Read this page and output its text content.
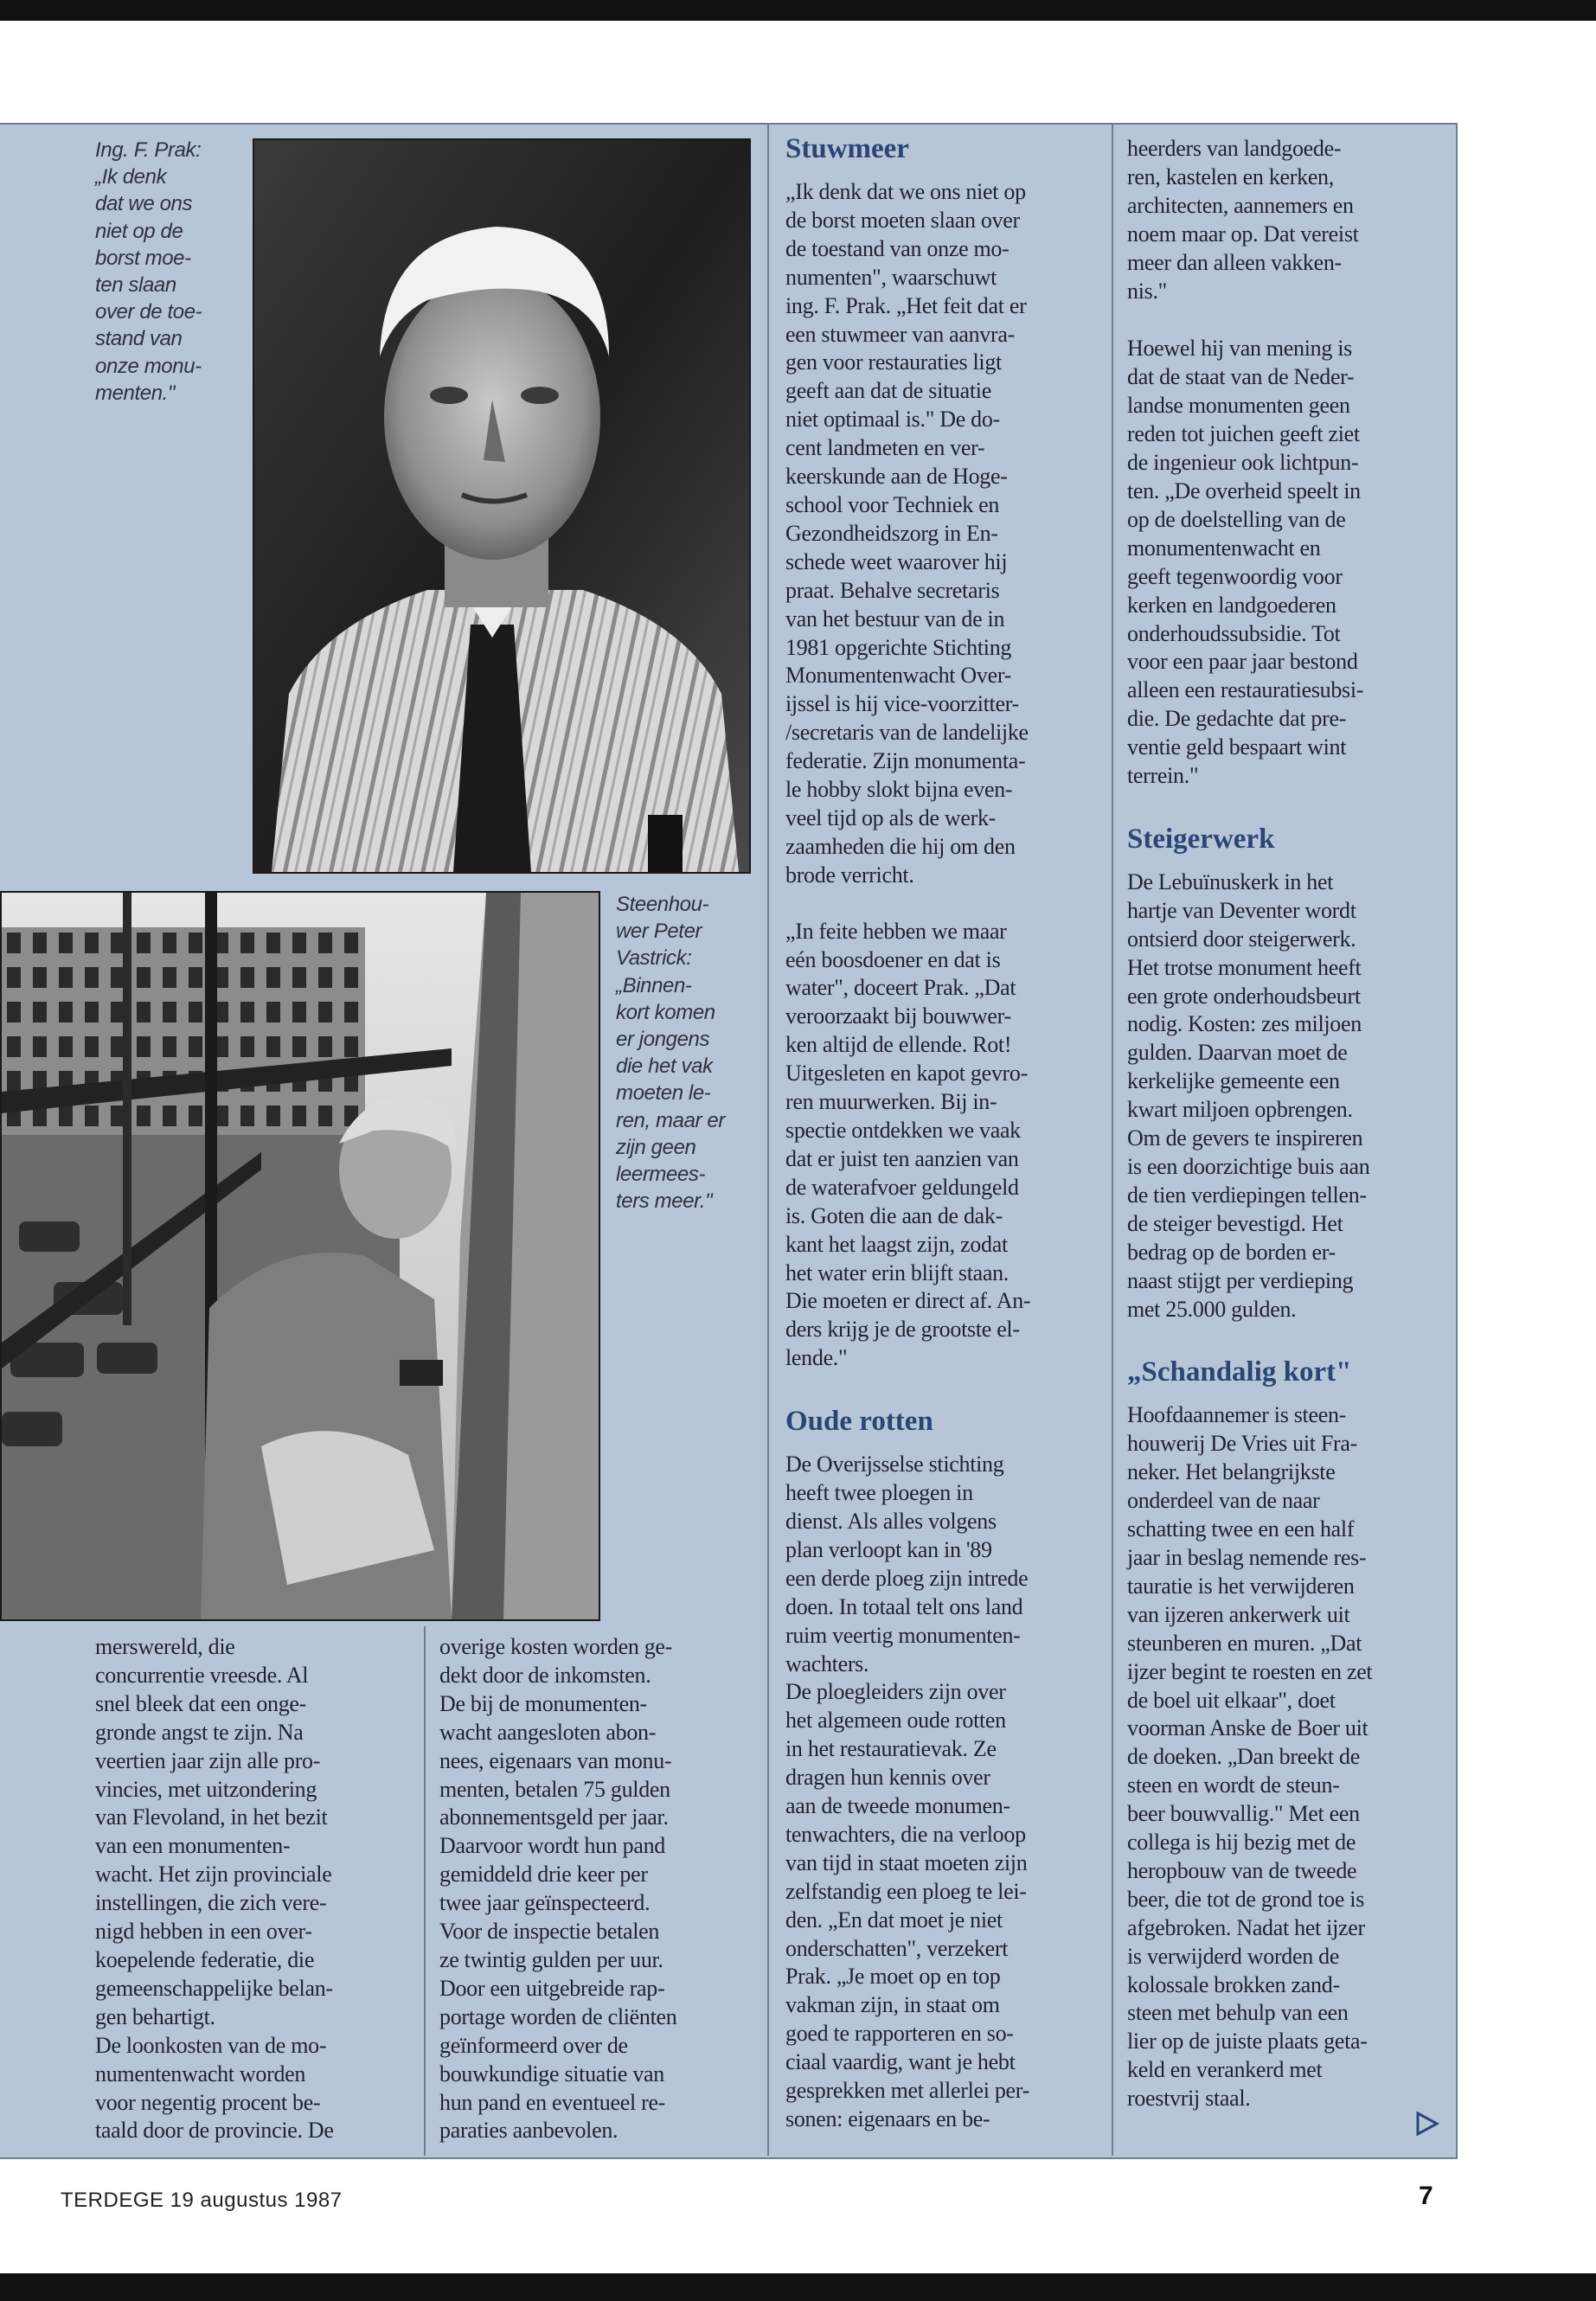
Ing. F. Prak:

„Ik denk

dat we ons

niet op de

borst moe-

ten slaan

over de toe-

stand van

onze monu-

menten."

Steenhou-

wer Peter

Vastrick:

„Binnen-

kort komen

er jongens

die het vak

moeten le-

ren, maar er

zijn geen

leermees-

ters meer."

merswereld, die

concurrentie vreesde. Al

snel bleek dat een onge-

gronde angst te zijn. Na

veertien jaar zijn alle pro-

vincies, met uitzondering

van Flevoland, in het bezit

van een monumenten-

wacht. Het zijn provinciale

instellingen, die zich vere-

nigd hebben in een over-

koepelende federatie, die

gemeenschappelijke belan-

gen behartigt.

De loonkosten van de mo-

numentenwacht worden

voor negentig procent be-

taald door de provincie. De

overige kosten worden ge-

dekt door de inkomsten.

De bij de monumenten-

wacht aangesloten abon-

nees, eigenaars van monu-

menten, betalen 75 gulden

abonnementsgeld per jaar.

Daarvoor wordt hun pand

gemiddeld drie keer per

twee jaar geïnspecteerd.

Voor de inspectie betalen

ze twintig gulden per uur.

Door een uitgebreide rap-

portage worden de cliënten

geïnformeerd over de

bouwkundige situatie van

hun pand en eventueel re-

paraties aanbevolen.

Stuwmeer

„Ik denk dat we ons niet op

de borst moeten slaan over

de toestand van onze mo-

numenten", waarschuwt

ing. F. Prak. „Het feit dat er

een stuwmeer van aanvra-

gen voor restauraties ligt

geeft aan dat de situatie

niet optimaal is." De do-

cent landmeten en ver-

keerskunde aan de Hoge-

school voor Techniek en

Gezondheidszorg in En-

schede weet waarover hij

praat. Behalve secretaris

van het bestuur van de in

1981 opgerichte Stichting

Monumentenwacht Over-

ijssel is hij vice-voorzitter-

/secretaris van de landelijke

federatie. Zijn monumenta-

le hobby slokt bijna even-

veel tijd op als de werk-

zaamheden die hij om den

brode verricht.

„In feite hebben we maar

eén boosdoener en dat is

water", doceert Prak. „Dat

veroorzaakt bij bouwwer-

ken altijd de ellende. Rot!

Uitgesleten en kapot gevro-

ren muurwerken. Bij in-

spectie ontdekken we vaak

dat er juist ten aanzien van

de waterafvoer geldungeld

is. Goten die aan de dak-

kant het laagst zijn, zodat

het water erin blijft staan.

Die moeten er direct af. An-

ders krijg je de grootste el-

lende."

Oude rotten

De Overijsselse stichting

heeft twee ploegen in

dienst. Als alles volgens

plan verloopt kan in '89

een derde ploeg zijn intrede

doen. In totaal telt ons land

ruim veertig monumenten-

wachters.

De ploegleiders zijn over

het algemeen oude rotten

in het restauratievak. Ze

dragen hun kennis over

aan de tweede monumen-

tenwachters, die na verloop

van tijd in staat moeten zijn

zelfstandig een ploeg te lei-

den. „En dat moet je niet

onderschatten", verzekert

Prak. „Je moet op en top

vakman zijn, in staat om

goed te rapporteren en so-

ciaal vaardig, want je hebt

gesprekken met allerlei per-

sonen: eigenaars en be-

heerders van landgoede-

ren, kastelen en kerken,

architecten, aannemers en

noem maar op. Dat vereist

meer dan alleen vakken-

nis."

Hoewel hij van mening is

dat de staat van de Neder-

landse monumenten geen

reden tot juichen geeft ziet

de ingenieur ook lichtpun-

ten. „De overheid speelt in

op de doelstelling van de

monumentenwacht en

geeft tegenwoordig voor

kerken en landgoederen

onderhoudssubsidie. Tot

voor een paar jaar bestond

alleen een restauratiesubsi-

die. De gedachte dat pre-

ventie geld bespaart wint

terrein."

Steigerwerk

De Lebuïnuskerk in het

hartje van Deventer wordt

ontsierd door steigerwerk.

Het trotse monument heeft

een grote onderhoudsbeurt

nodig. Kosten: zes miljoen

gulden. Daarvan moet de

kerkelijke gemeente een

kwart miljoen opbrengen.

Om de gevers te inspireren

is een doorzichtige buis aan

de tien verdiepingen tellen-

de steiger bevestigd. Het

bedrag op de borden er-

naast stijgt per verdieping

met 25.000 gulden.

„Schandalig kort"

Hoofdaannemer is steen-

houwerij De Vries uit Fra-

neker. Het belangrijkste

onderdeel van de naar

schatting twee en een half

jaar in beslag nemende res-

tauratie is het verwijderen

van ijzeren ankerwerk uit

steunberen en muren. „Dat

ijzer begint te roesten en zet

de boel uit elkaar", doet

voorman Anske de Boer uit

de doeken. „Dan breekt de

steen en wordt de steun-

beer bouwvallig." Met een

collega is hij bezig met de

heropbouw van de tweede

beer, die tot de grond toe is

afgebroken. Nadat het ijzer

is verwijderd worden de

kolossale brokken zand-

steen met behulp van een

lier op de juiste plaats geta-

keld en verankerd met

roestvrij staal.

TERDEGE 19 augustus 1987	7
